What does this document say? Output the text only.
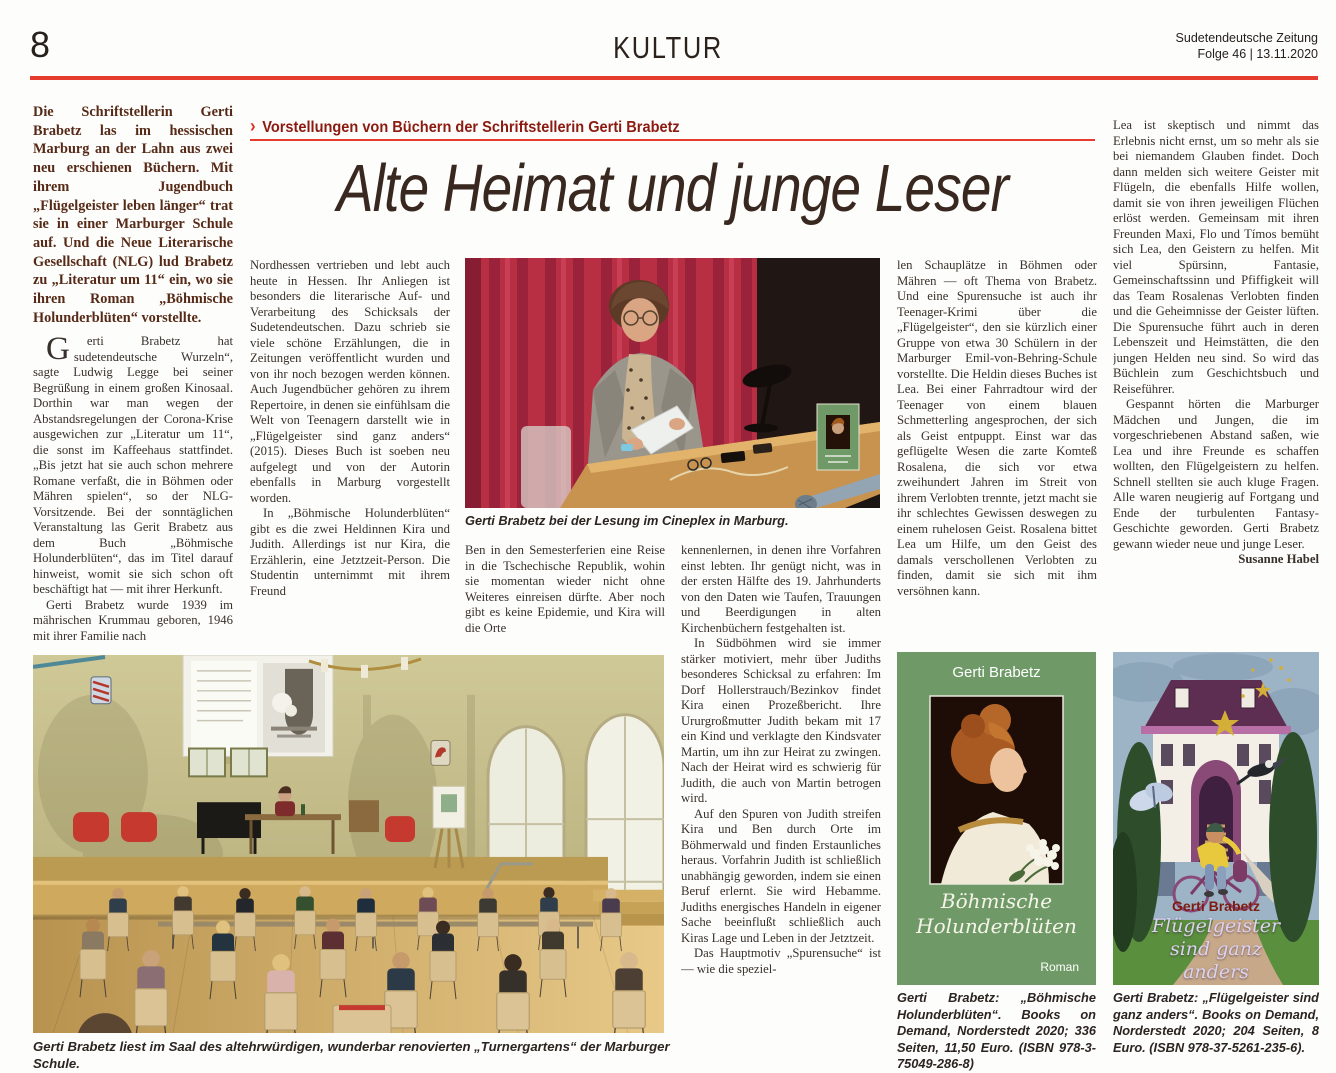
8	KULTUR	Sudetendeutsche Zeitung
Folge 46 | 13.11.2020
› Vorstellungen von Büchern der Schriftstellerin Gerti Brabetz
Alte Heimat und junge Leser

Die Schriftstellerin Gerti Brabetz las im hessischen Marburg an der Lahn aus zwei neu erschienen Büchern. Mit ihrem Jugendbuch „Flügelgeister leben länger“ trat sie in einer Marburger Schule auf. Und die Neue Literarische Gesellschaft (NLG) lud Brabetz zu „Literatur um 11“ ein, wo sie ihren Roman „Böhmische Holunderblüten“ vorstellte.

G	erti Brabetz hat sudetendeutsche Wurzeln“, sagte Ludwig Legge bei seiner Begrüßung in einem großen Kinosaal. Dorthin war man wegen der Abstandsregelungen der Corona-Krise ausgewichen zur „Literatur um 11“, die sonst im Kaffeehaus stattfindet. „Bis jetzt hat sie auch schon mehrere Romane verfaßt, die in Böhmen oder Mähren spielen“, so der NLG-Vorsitzende. Bei der sonntäglichen Veranstaltung las Gerit Brabetz aus dem Buch „Böhmische Holunderblüten“, das im Titel darauf hinweist, womit sie sich schon oft beschäftigt hat — mit ihrer Herkunft.

Gerti Brabetz wurde 1939 im mährischen Krummau geboren, 1946 mit ihrer Familie nach

Nordhessen vertrieben und lebt auch heute in Hessen. Ihr Anliegen ist besonders die literarische Auf- und Verarbeitung des Schicksals der Sudetendeutschen. Dazu schrieb sie viele schöne Erzählungen, die in Zeitungen veröffentlicht wurden und von ihr noch bezogen werden können. Auch Jugendbücher gehören zu ihrem Repertoire, in denen sie einfühlsam die Welt von Teenagern darstellt wie in „Flügelgeister sind ganz anders“ (2015). Dieses Buch ist soeben neu aufgelegt und von der Autorin ebenfalls in Marburg vorgestellt worden.

In „Böhmische Holunderblüten“ gibt es die zwei Heldinnen Kira und Judith. Allerdings ist nur Kira, die Erzählerin, eine Jetztzeit-Person. Die Studentin unternimmt mit ihrem Freund

Ben in den Semesterferien eine Reise in die Tschechische Republik, wohin sie momentan wieder nicht ohne Weiteres einreisen dürfte. Aber noch gibt es keine Epidemie, und Kira will die Orte

kennenlernen, in denen ihre Vorfahren einst lebten. Ihr genügt nicht, was in der ersten Hälfte des 19. Jahrhunderts von den Daten wie Taufen, Trauungen und Beerdigungen in alten Kirchenbüchern festgehalten ist.

In Südböhmen wird sie immer stärker motiviert, mehr über Judiths besonderes Schicksal zu erfahren: Im Dorf Hollerstrauch/Bezinkov findet Kira einen Prozeßbericht. Ihre Ururgroßmutter Judith bekam mit 17 ein Kind und verklagte den Kindsvater Martin, um ihn zur Heirat zu zwingen. Nach der Heirat wird es schwierig für Judith, die auch von Martin betrogen wird.

Auf den Spuren von Judith streifen Kira und Ben durch Orte im Böhmerwald und finden Erstaunliches heraus. Vorfahrin Judith ist schließlich unabhängig geworden, indem sie einen Beruf erlernt. Sie wird Hebamme. Judiths energisches Handeln in eigener Sache beeinflußt schließlich auch Kiras Lage und Leben in der Jetztzeit.

Das Hauptmotiv „Spurensuche“ ist — wie die speziel-

len Schauplätze in Böhmen oder Mähren — oft Thema von Brabetz. Und eine Spurensuche ist auch ihr Teenager-Krimi über die „Flügelgeister“, den sie kürzlich einer Gruppe von etwa 30 Schülern in der Marburger Emil-von-Behring-Schule vorstellte. Die Heldin dieses Buches ist Lea. Bei einer Fahrradtour wird der Teenager von einem blauen Schmetterling angesprochen, der sich als Geist entpuppt. Einst war das geflügelte Wesen die zarte Komteß Rosalena, die sich vor etwa zweihundert Jahren im Streit von ihrem Verlobten trennte, jetzt macht sie ihr schlechtes Gewissen deswegen zu einem ruhelosen Geist. Rosalena bittet Lea um Hilfe, um den Geist des damals verschollenen Verlobten zu finden, damit sie sich mit ihm versöhnen kann.

Lea ist skeptisch und nimmt das Erlebnis nicht ernst, um so mehr als sie bei niemandem Glauben findet. Doch dann melden sich weitere Geister mit Flügeln, die ebenfalls Hilfe wollen, damit sie von ihren jeweiligen Flüchen erlöst werden. Gemeinsam mit ihren Freunden Maxi, Flo und Tímos bemüht sich Lea, den Geistern zu helfen. Mit viel Spürsinn, Fantasie, Gemeinschaftssinn und Pfiffigkeit will das Team Rosalenas Verlobten finden und die Geheimnisse der Geister lüften. Die Spurensuche führt auch in deren Lebenszeit und Heimstätten, die den jungen Helden neu sind. So wird das Büchlein zum Geschichtsbuch und Reiseführer.

Gespannt hörten die Marburger Mädchen und Jungen, die im vorgeschriebenen Abstand saßen, wie Lea und ihre Freunde es schaffen wollten, den Flügelgeistern zu helfen. Schnell stellten sie auch kluge Fragen. Alle waren neugierig auf Fortgang und Ende der turbulenten Fantasy-Geschichte geworden. Gerti Brabetz gewann wieder neue und junge Leser.
Susanne Habel

Gerti Brabetz bei der Lesung im Cineplex in Marburg.
Gerti Brabetz liest im Saal des altehrwürdigen, wunderbar renovierten „Turnergartens“ der Marburger Schule.
Gerti Brabetz
Böhmische Holunderblüten
Roman
Gerti Brabetz: „Böhmische Holunderblüten“. Books on Demand, Norderstedt 2020; 336 Seiten, 11,50 Euro. (ISBN 978-3-75049-286-8)
Gerti Brabetz
Flügelgeister sind ganz anders
Gerti Brabetz: „Flügelgeister sind ganz anders“. Books on Demand, Norderstedt 2020; 204 Seiten, 8 Euro. (ISBN 978-37-5261-235-6).
